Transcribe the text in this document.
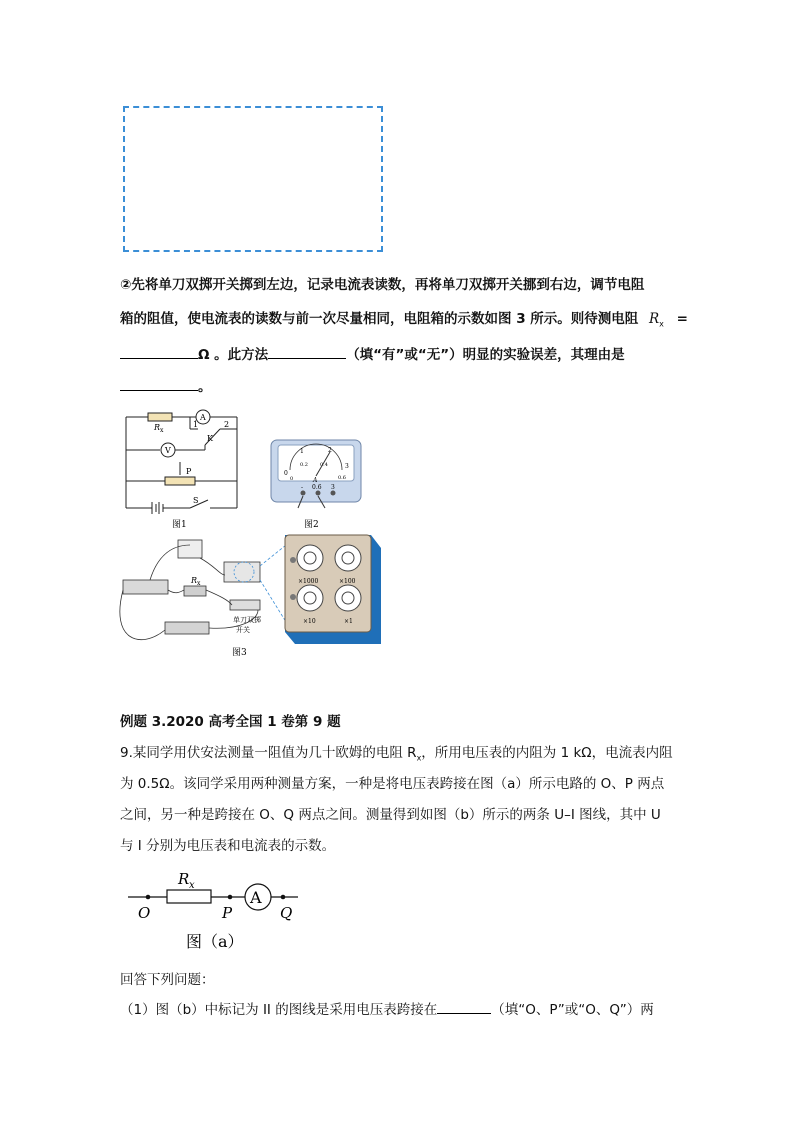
②先将单刀双掷开关掷到左边，记录电流表读数，再将单刀双掷开关挪到右边，调节电阻
箱的阻值，使电流表的读数与前一次尽量相同，电阻箱的示数如图 3 所示。则待测电阻 $R_x$ =
Ω 。此方法	（填“有”或“无”）明显的实验误差，其理由是
。
R x
A
V
1	2
K
P
S
图1
1	2
0
3
0
0.2 0.4
0.6
A
- 0.6 3
图2
R x
单刀双掷
开关
图3
×1000	×100
×10	×1
例题 3.2020 高考全国 1 卷第 9 题
9.某同学用伏安法测量一阻值为几十欧姆的电阻 $R_x$，所用电压表的内阻为 1 kΩ，电流表内阻
为 0.5Ω。该同学采用两种测量方案，一种是将电压表跨接在图（a）所示电路的 O、P 两点
之间，另一种是跨接在 O、Q 两点之间。测量得到如图（b）所示的两条 U–I 图线，其中 U
与 I 分别为电压表和电流表的示数。
R x
A
O	P	Q
图（a）
回答下列问题：
（1）图（b）中标记为 II 的图线是采用电压表跨接在	（填“O、P”或“O、Q”）两
